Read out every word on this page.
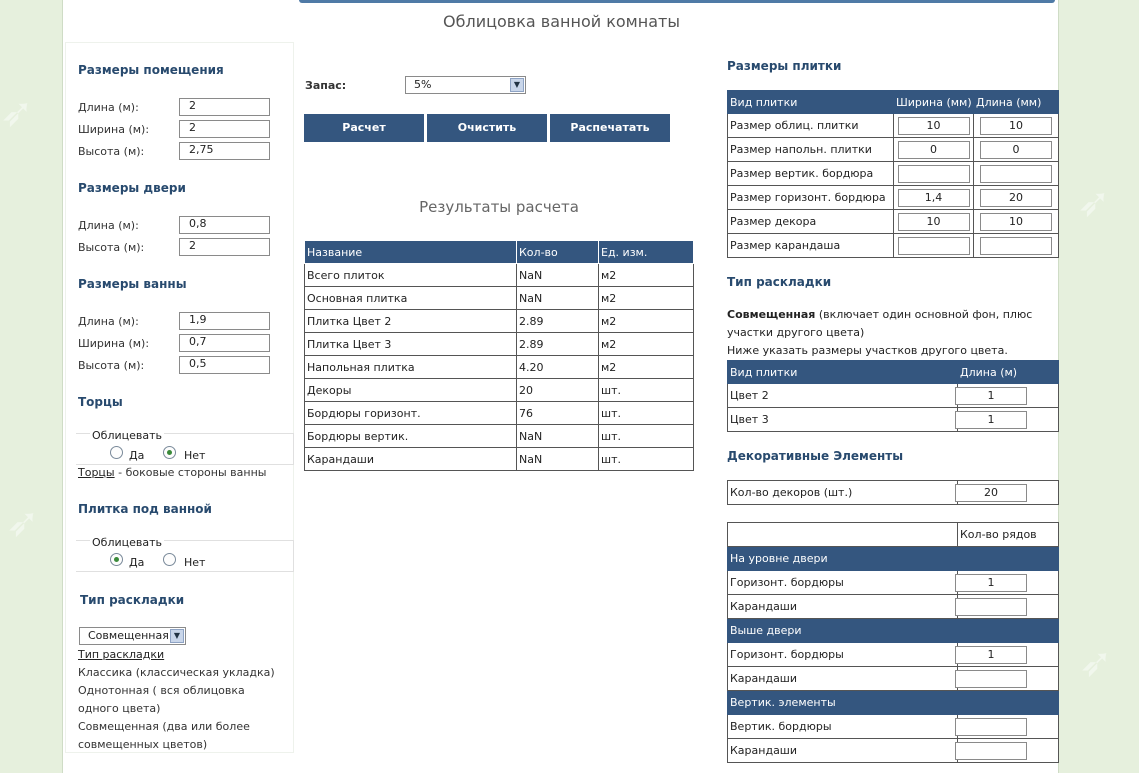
➶
➶
➶
➶
Облицовка ванной комнаты
Размеры помещения
Длина (м):	2
Ширина (м):	2
Высота (м):	2,75
Размеры двери
Длина (м):	0,8
Высота (м):	2
Размеры ванны
Длина (м):	1,9
Ширина (м):	0,7
Высота (м):	0,5
Торцы
Облицевать
Да	Нет
Торцы - боковые стороны ванны
Плитка под ванной
Облицевать
Да	Нет
Тип раскладки
Совмещенная ▼
Тип раскладки
Классика (классическая укладка)
Однотонная ( вся облицовка одного цвета)
Совмещенная (два или более совмещенных цветов)
Запас:	5%	▼
Расчет	Очистить	Распечатать
Результаты расчета
Название	Кол-во	Ед. изм.
Всего плиток	NaN	м2
Основная плитка	NaN	м2
Плитка Цвет 2	2.89	м2
Плитка Цвет 3	2.89	м2
Напольная плитка	4.20	м2
Декоры	20	шт.
Бордюры горизонт.	76	шт.
Бордюры вертик.	NaN	шт.
Карандаши	NaN	шт.
Размеры плитки
Вид плитки	Ширина (мм)	Длина (мм)
Размер облиц. плитки	10	10
Размер напольн. плитки	0	0
Размер вертик. бордюра		
Размер горизонт. бордюра	1,4	20
Размер декора	10	10
Размер карандаша		
Тип раскладки
Совмещенная (включает один основной фон, плюс участки другого цвета)
Ниже указать размеры участков другого цвета.
Вид плитки	Длина (м)
Цвет 2	1
Цвет 3	1
Декоративные Элементы
Кол-во декоров (шт.)	20
	Кол-во рядов
На уровне двери	
Горизонт. бордюры	1
Карандаши	
Выше двери	
Горизонт. бордюры	1
Карандаши	
Вертик. элементы	
Вертик. бордюры	
Карандаши	
